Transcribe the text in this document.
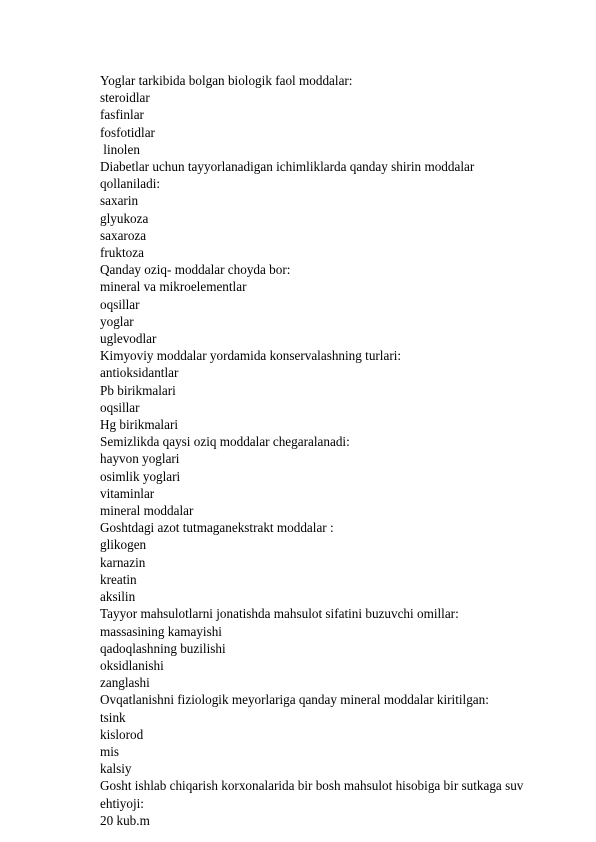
Yoglar tarkibida bolgan biologik faol moddalar:
steroidlar
fasfinlar
fosfotidlar
linolen
Diabetlar uchun tayyorlanadigan ichimliklarda qanday shirin moddalar
qollaniladi:
saxarin
glyukoza
saxaroza
fruktoza
Qanday oziq- moddalar choyda bor:
mineral va mikroelementlar
oqsillar
yoglar
uglevodlar
Kimyoviy moddalar yordamida konservalashning turlari:
antioksidantlar
Pb birikmalari
oqsillar
Hg birikmalari
Semizlikda qaysi oziq moddalar chegaralanadi:
hayvon yoglari
osimlik yoglari
vitaminlar
mineral moddalar
Goshtdagi azot tutmaganekstrakt moddalar :
glikogen
karnazin
kreatin
aksilin
Tayyor mahsulotlarni jonatishda mahsulot sifatini buzuvchi omillar:
massasining kamayishi
qadoqlashning buzilishi
oksidlanishi
zanglashi
Ovqatlanishni fiziologik meyorlariga qanday mineral moddalar kiritilgan:
tsink
kislorod
mis
kalsiy
Gosht ishlab chiqarish korxonalarida bir bosh mahsulot hisobiga bir sutkaga suv
ehtiyoji:
20 kub.m
